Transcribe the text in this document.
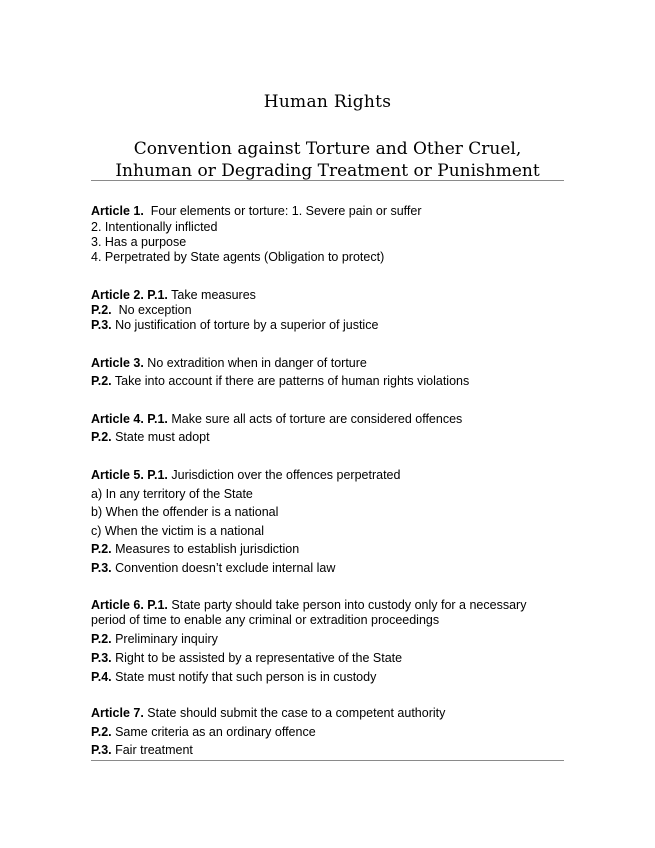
Human Rights
Convention against Torture and Other Cruel,
Inhuman or Degrading Treatment or Punishment
Article 1.  Four elements or torture: 1. Severe pain or suffer
2. Intentionally inflicted
3. Has a purpose
4. Perpetrated by State agents (Obligation to protect)
Article 2. P.1. Take measures
P.2.  No exception
P.3. No justification of torture by a superior of justice
Article 3. No extradition when in danger of torture
P.2. Take into account if there are patterns of human rights violations
Article 4. P.1. Make sure all acts of torture are considered offences
P.2. State must adopt
Article 5. P.1. Jurisdiction over the offences perpetrated
a) In any territory of the State
b) When the offender is a national
c) When the victim is a national
P.2. Measures to establish jurisdiction
P.3. Convention doesn’t exclude internal law
Article 6. P.1. State party should take person into custody only for a necessary
period of time to enable any criminal or extradition proceedings
P.2. Preliminary inquiry
P.3. Right to be assisted by a representative of the State
P.4. State must notify that such person is in custody
Article 7. State should submit the case to a competent authority
P.2. Same criteria as an ordinary offence
P.3. Fair treatment
